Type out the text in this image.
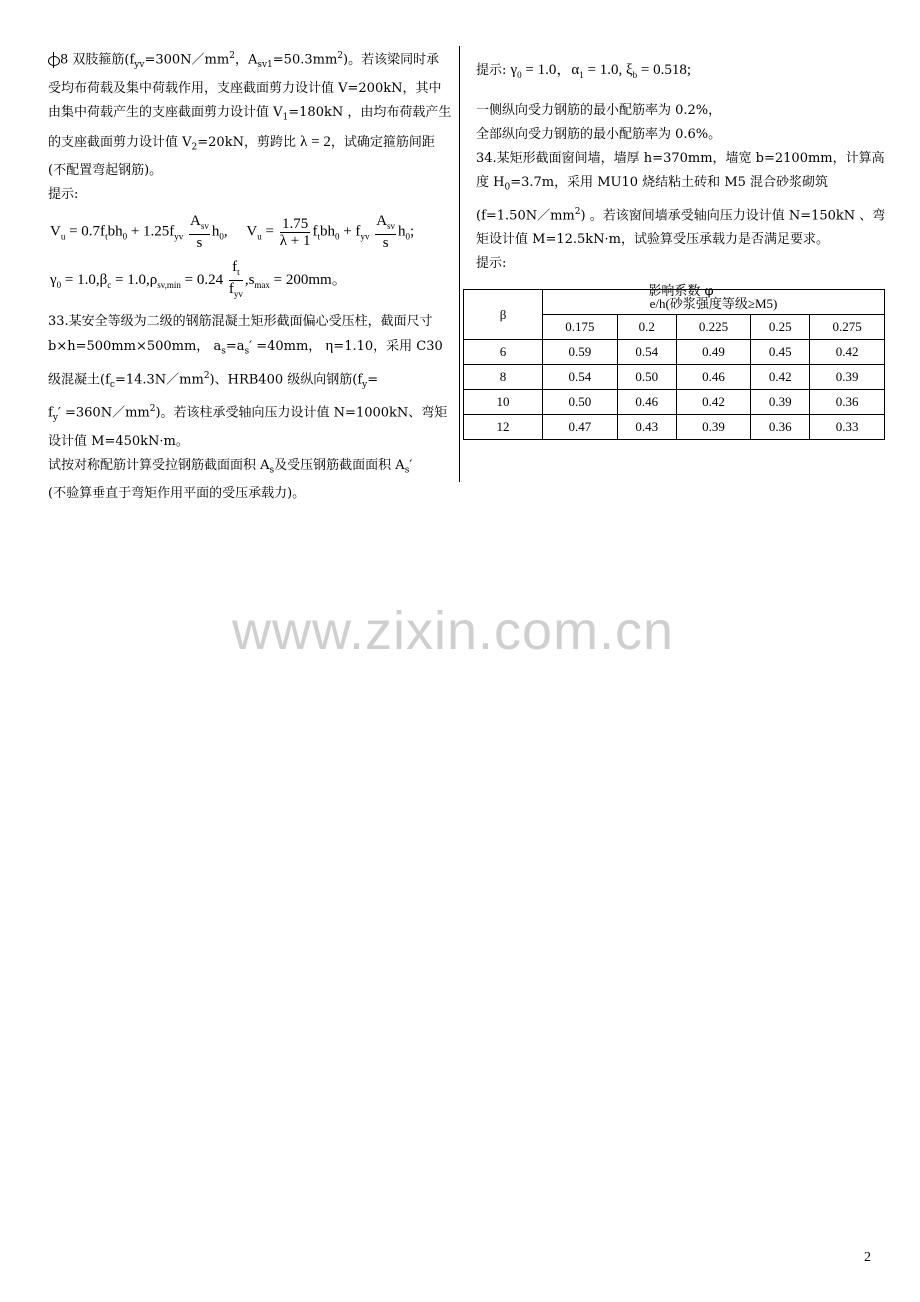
8 双肢箍筋($f_{yv}=300N/mm^2$，$A_{sv1}=50.3mm^2$)。若该梁同时承受均布荷载及集中荷载作用，支座截面剪力设计值 V=200kN，其中由集中荷载产生的支座截面剪力设计值 $V_1=180kN$ ，由均布荷载产生的支座截面剪力设计值 $V_2=20kN$，剪跨比 λ = 2，试确定箍筋间距(不配置弯起钢筋)。

提示:

$V_u = 0.7f_tbh_0 + 1.25f_{yv} \frac{A_{sv}}{s} h_0$,     $V_u = \frac{1.75}{\lambda + 1} f_tbh_0 + f_{yv} \frac{A_{sv}}{s} h_0$;
$\gamma_0 = 1.0,\beta_c = 1.0,\rho_{sv,min} = 0.24 \frac{f_t}{f_{yv}} ,s_{max} = 200mm$。

33.某安全等级为二级的钢筋混凝土矩形截面偏心受压柱，截面尺寸 b×h=500mm×500mm， $a_s=a_s' =40mm$， η=1.10，采用 C30 级混凝土$(f_c=14.3N/mm^2)$、HRB400 级纵向钢筋($f_y=$
$f_y'$ $=360N/mm^2$)。若该柱承受轴向压力设计值 N=1000kN、弯矩设计值 M=450kN·m。

试按对称配筋计算受拉钢筋截面面积 $A_s$及受压钢筋截面面积 $A_s'$
(不验算垂直于弯矩作用平面的受压承载力)。

提示: $\gamma_0 = 1.0$，$\alpha_1 = 1.0$, $\xi_b = 0.518$;

一侧纵向受力钢筋的最小配筋率为 0.2%，

全部纵向受力钢筋的最小配筋率为 0.6%。

34.某矩形截面窗间墙，墙厚 h=370mm，墙宽 b=2100mm，计算高度 $H_0=3.7m$，采用 MU10 烧结粘土砖和 M5 混合砂浆砌筑$(f=1.50N/mm^2)$ 。若该窗间墙承受轴向压力设计值 N=150kN 、弯矩设计值 M=12.5kN·m，试验算受压承载力是否满足要求。

提示:

影响系数 φ

β	e/h(砂浆强度等级≥M5)				
	0.175	0.2	0.225	0.25	0.275
6	0.59	0.54	0.49	0.45	0.42
8	0.54	0.50	0.46	0.42	0.39
10	0.50	0.46	0.42	0.39	0.36
12	0.47	0.43	0.39	0.36	0.33
www.zixin.com.cn
2
